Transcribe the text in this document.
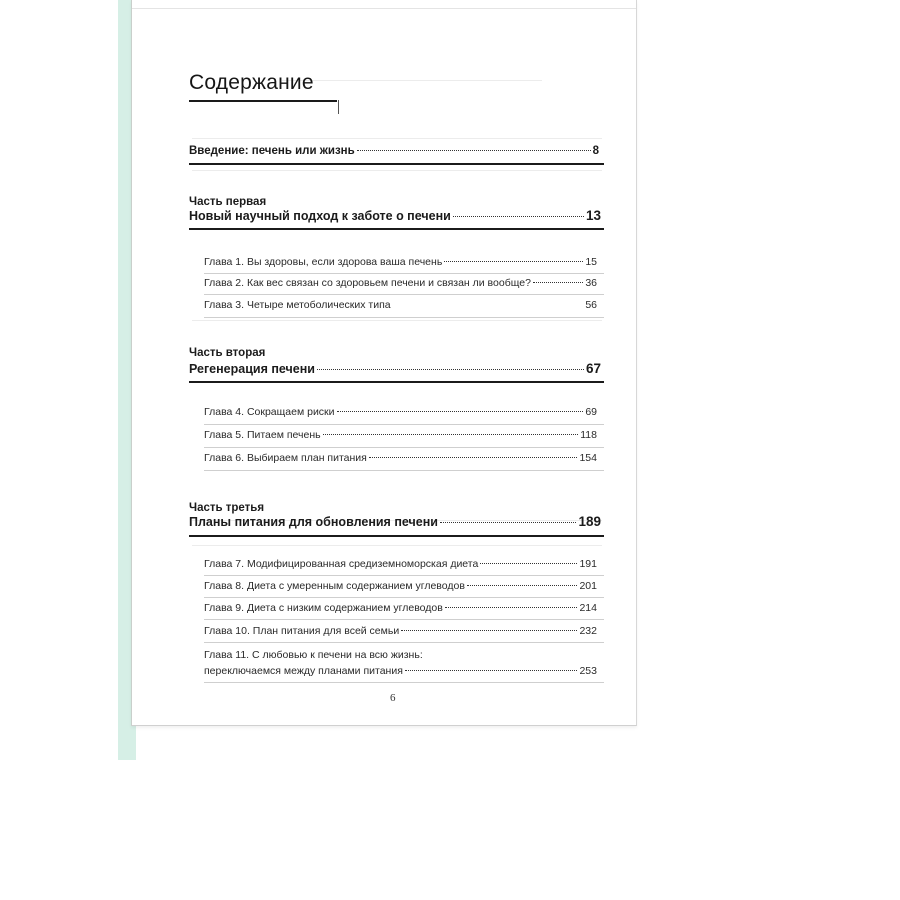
Содержание
Введение: печень или жизнь	8
Часть первая
Новый научный подход к заботе о печени	13
Глава 1. Вы здоровы, если здорова ваша печень	15
Глава 2. Как вес связан со здоровьем печени и связан ли вообще?	36
Глава 3. Четыре метоболических типа	56
Часть вторая
Регенерация печени	67
Глава 4. Сокращаем риски	69
Глава 5. Питаем печень	118
Глава 6. Выбираем план питания	154
Часть третья
Планы питания для обновления печени	189
Глава 7. Модифицированная средиземноморская диета	191
Глава 8. Диета с умеренным содержанием углеводов	201
Глава 9. Диета с низким содержанием углеводов	214
Глава 10. План питания для всей семьи	232
Глава 11. С любовью к печени на всю жизнь:
переключаемся между планами питания	253
6
